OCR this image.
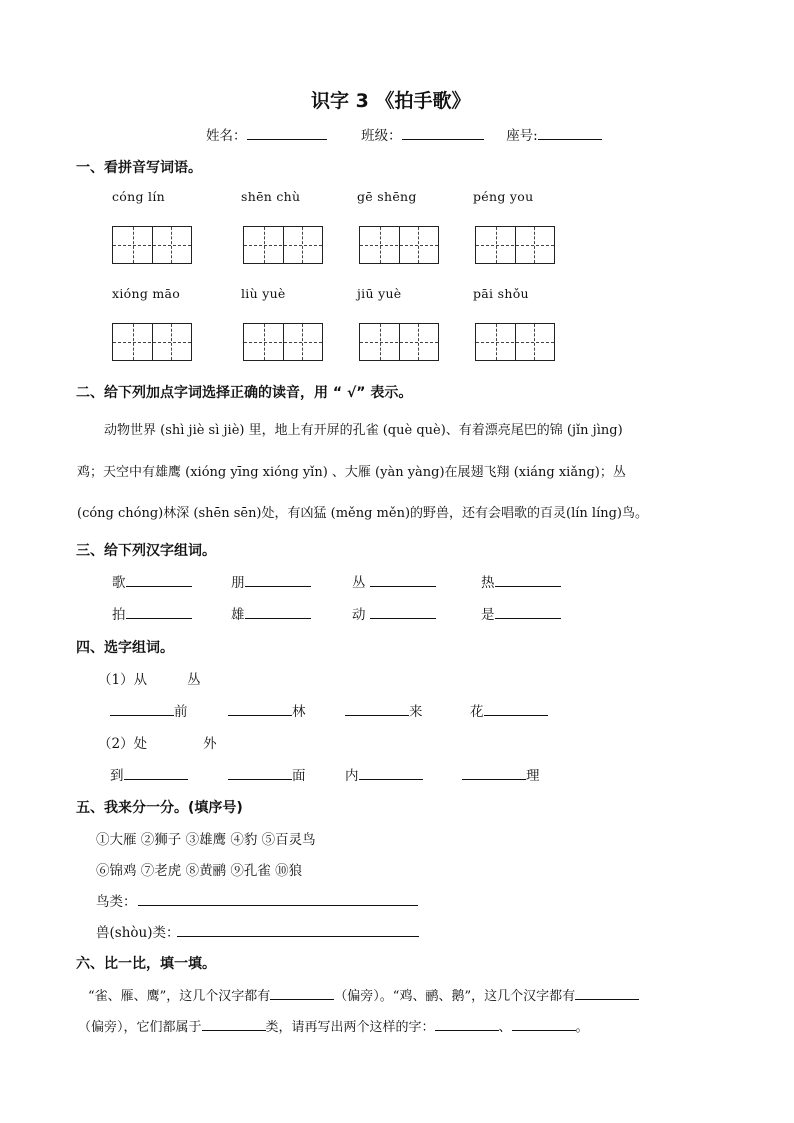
识字 3 《拍手歌》
姓名：	班级：	座号:
一、看拼音写词语。
cóng lín	shēn chù	gē shēng	péng you
xióng māo	liù yuè	jiū yuè	pāi shǒu
二、给下列加点字词选择正确的读音，用 “ √” 表示。
动物世界 (shì jiè sì jiè) 里，地上有开屏的孔雀 (què què)、有着漂亮尾巴的锦 (jǐn jìng)
鸡；天空中有雄鹰 (xióng yīng xióng yǐn) 、大雁 (yàn yàng)在展翅飞翔 (xiáng xiǎng)；丛
(cóng chóng)林深 (shēn sēn)处，有凶猛 (měng měn)的野兽，还有会唱歌的百灵(lín líng)鸟。
三、给下列汉字组词。
歌	朋	丛	热
拍	雄	动	是
四、选字组词。
（1）从	丛
前	林	来	花
（2）处	外
到	面	内	理
五、我来分一分。(填序号)
①大雁 ②狮子 ③雄鹰 ④豹 ⑤百灵鸟
⑥锦鸡 ⑦老虎 ⑧黄鹂 ⑨孔雀 ⑩狼
鸟类：
兽(shòu)类：
六、比一比，填一填。
“雀、雁、鹰”，这几个汉字都有	（偏旁）。“鸡、鹂、鹅”，这几个汉字都有
（偏旁），它们都属于	类，请再写出两个这样的字：	、	。
